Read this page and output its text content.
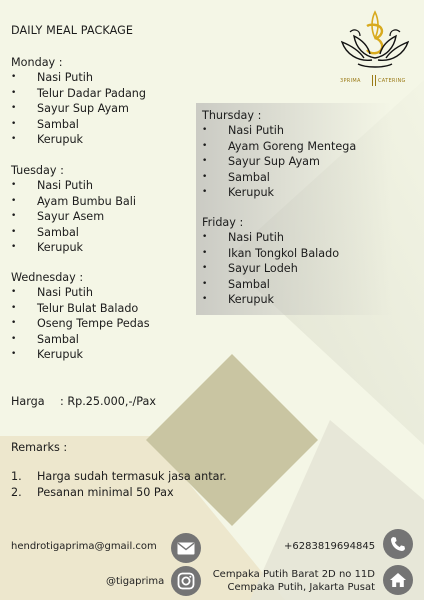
DAILY MEAL PACKAGE
3PRIMA	CATERING
Monday :
• Nasi Putih
• Telur Dadar Padang
• Sayur Sup Ayam
• Sambal
• Kerupuk
Tuesday :
• Nasi Putih
• Ayam Bumbu Bali
• Sayur Asem
• Sambal
• Kerupuk
Wednesday :
• Nasi Putih
• Telur Bulat Balado
• Oseng Tempe Pedas
• Sambal
• Kerupuk
Thursday :
• Nasi Putih
• Ayam Goreng Mentega
• Sayur Sup Ayam
• Sambal
• Kerupuk
Friday :
• Nasi Putih
• Ikan Tongkol Balado
• Sayur Lodeh
• Sambal
• Kerupuk
Harga : Rp.25.000,-/Pax
Remarks :
1. Harga sudah termasuk jasa antar.
2. Pesanan minimal 50 Pax
hendrotigaprima@gmail.com
@tigaprima
+6283819694845
Cempaka Putih Barat 2D no 11D
Cempaka Putih, Jakarta Pusat
